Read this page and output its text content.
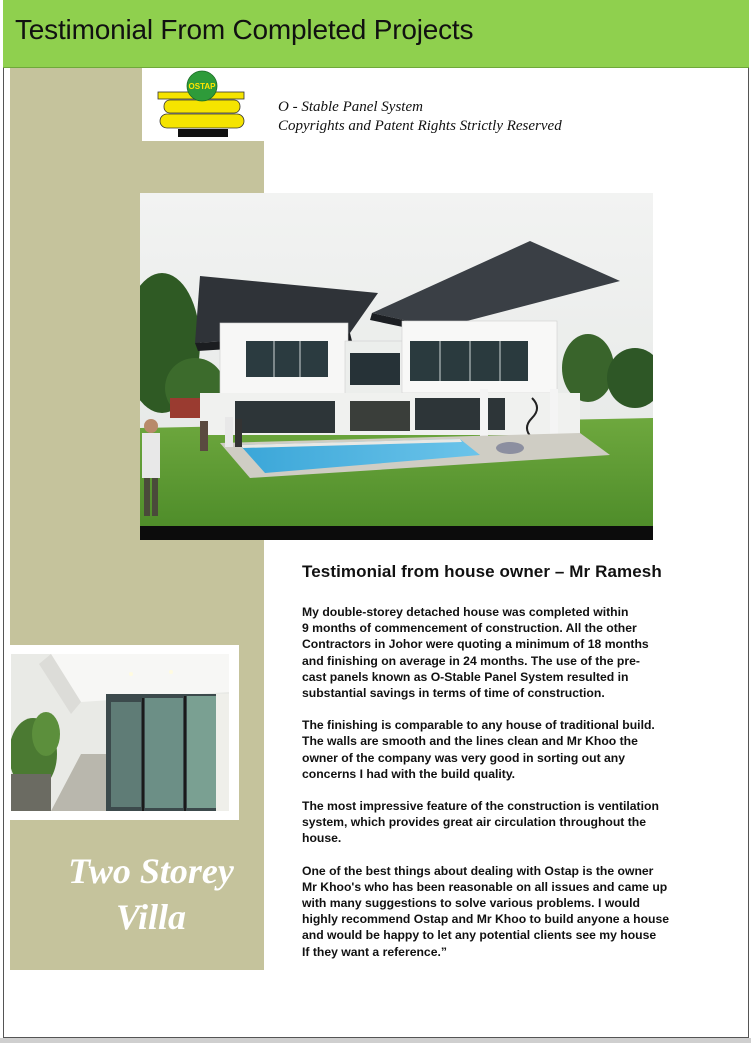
Testimonial From Completed Projects
OSTAP
O - Stable Panel System
Copyrights and Patent Rights Strictly Reserved
Two Storey
Villa
Testimonial from house owner – Mr Ramesh

My double-storey detached house was completed within
9 months of commencement of construction. All the other
Contractors in Johor were quoting a minimum of 18 months
and finishing on average in 24 months. The use of the pre-
cast panels known as O-Stable Panel System resulted in
substantial savings in terms of time of construction.

The finishing is comparable to any house of traditional build.
The walls are smooth and the lines clean and Mr Khoo the
owner of the company was very good in sorting out any
concerns I had with the build quality.

The most impressive feature of the construction is ventilation
system, which provides great air circulation throughout the
house.

One of the best things about dealing with Ostap is the owner
Mr Khoo's who has been reasonable on all issues and came up
with many suggestions to solve various problems. I would
highly recommend Ostap and Mr Khoo to build anyone a house
and would be happy to let any potential clients see my house
If they want a reference.”
